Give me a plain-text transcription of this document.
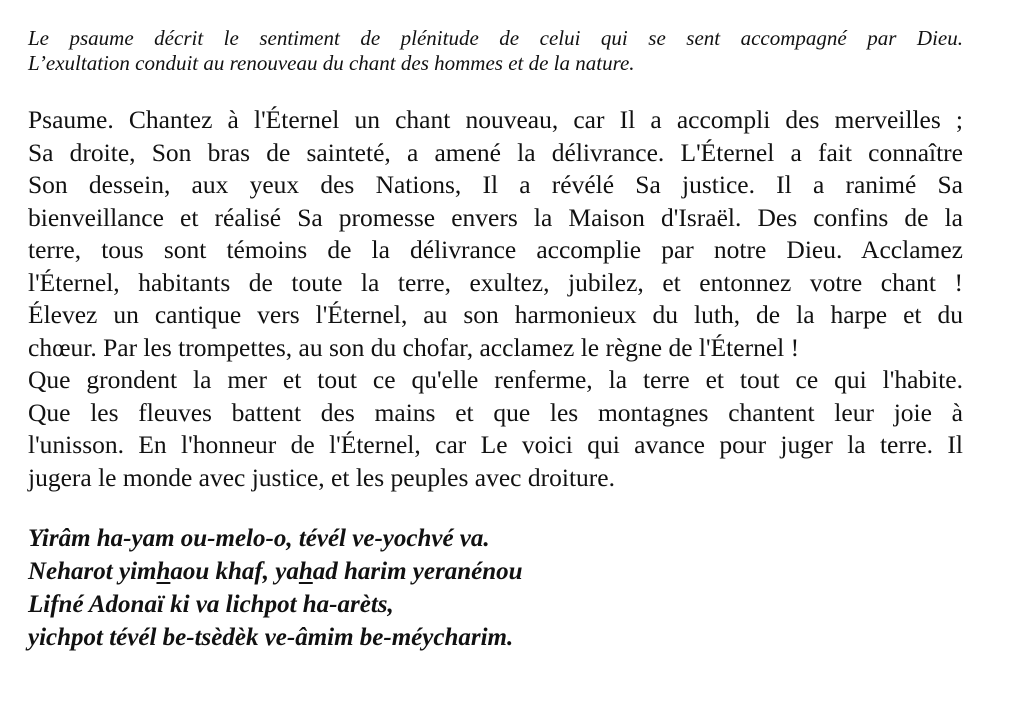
Le psaume décrit le sentiment de plénitude de celui qui se sent accompagné par Dieu.
L’exultation conduit au renouveau du chant des hommes et de la nature.

Psaume. Chantez à l'Éternel un chant nouveau, car Il a accompli des merveilles ;
Sa droite, Son bras de sainteté, a amené la délivrance. L'Éternel a fait connaître
Son dessein, aux yeux des Nations, Il a révélé Sa justice. Il a ranimé Sa
bienveillance et réalisé Sa promesse envers la Maison d'Israël. Des confins de la
terre, tous sont témoins de la délivrance accomplie par notre Dieu. Acclamez
l'Éternel, habitants de toute la terre, exultez, jubilez, et entonnez votre chant !
Élevez un cantique vers l'Éternel, au son harmonieux du luth, de la harpe et du
chœur. Par les trompettes, au son du chofar, acclamez le règne de l'Éternel !
Que grondent la mer et tout ce qu'elle renferme, la terre et tout ce qui l'habite.
Que les fleuves battent des mains et que les montagnes chantent leur joie à
l'unisson. En l'honneur de l'Éternel, car Le voici qui avance pour juger la terre. Il
jugera le monde avec justice, et les peuples avec droiture.
Yirâm ha-yam ou-melo-o, tévél ve-yochvé va.
Neharot yimhaou khaf, yahad harim yeranénou
Lifné Adonaï ki va lichpot ha-arèts,
yichpot tévél be-tsèdèk ve-âmim be-méycharim.
